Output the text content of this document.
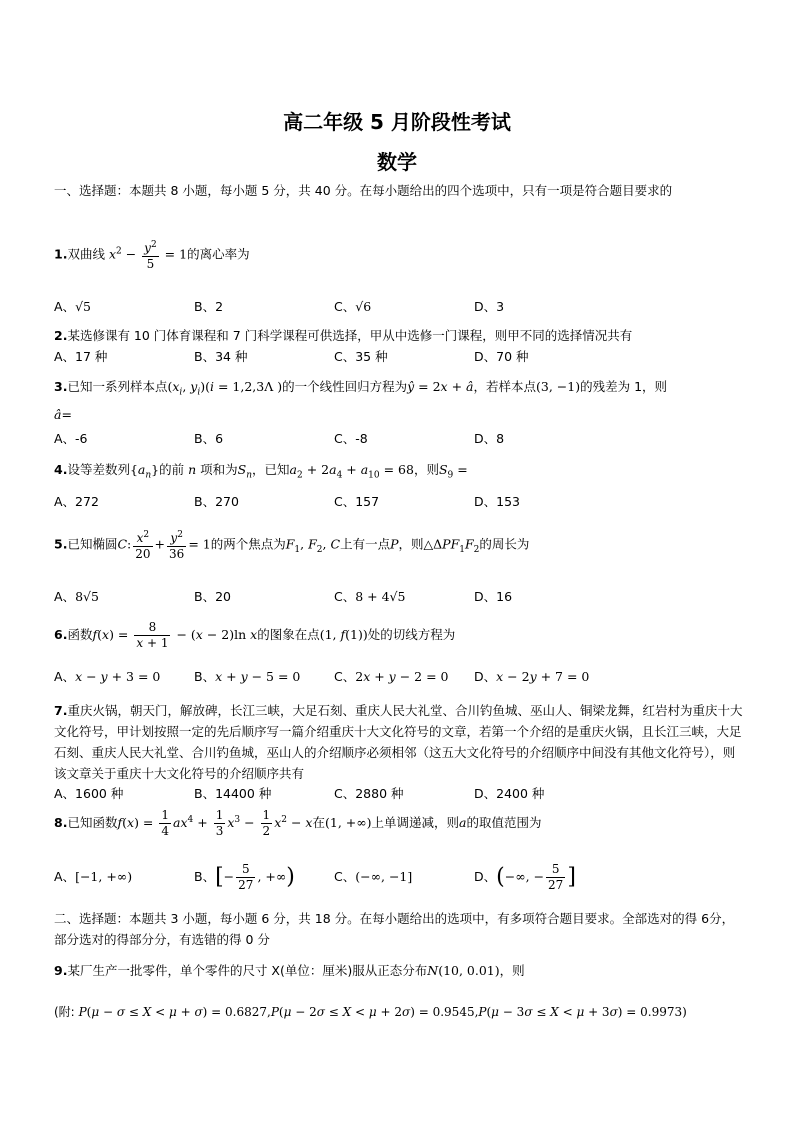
高二年级 5 月阶段性考试
数学
一、选择题：本题共 8 小题，每小题 5 分，共 40 分。在每小题给出的四个选项中，只有一项是符合题目要求的
1.双曲线 $x^2 - \frac{y^2}{5} = 1$的离心率为
A、√5	B、2	C、√6	D、3
2.某选修课有 10 门体育课程和 7 门科学课程可供选择，甲从中选修一门课程，则甲不同的选择情况共有
A、17 种	B、34 种	C、35 种	D、70 种
3.已知一系列样本点($x_i$, $y_i)(i = 1,2,3\Lambda$ )的一个线性回归方程为ŷ = 2x + â，若样本点(3, −1)的残差为 1，则
â=
A、-6	B、6	C、-8	D、8
4.设等差数列$\{a_n\}$的前 n 项和为$S_n$，已知$a_2 + 2a_4 + a_{10} = 68$，则$S_9$ =
A、272	B、270	C、157	D、153
5.已知椭圆C: $\frac{x^2}{20} + \frac{y^2}{36} = 1$的两个焦点为$F_1$, $F_2$, C上有一点P，则$\triangle\Delta PF_1F_2$的周长为
A、8√5	B、20	C、8 + 4√5	D、16
6.函数$f(x) = \frac{8}{x + 1} - (x - 2)\ln$ x的图象在点(1, f(1))处的切线方程为
A、x − y + 3 = 0	B、x + y − 5 = 0	C、2x + y − 2 = 0 D、x − 2y + 7 = 0
7.重庆火锅，朝天门，解放碑，长江三峡，大足石刻、重庆人民大礼堂、合川钓鱼城、巫山人、铜梁龙舞，红岩村为重庆十大文化符号，甲计划按照一定的先后顺序写一篇介绍重庆十大文化符号的文章，若第一个介绍的是重庆火锅，且长江三峡，大足石刻、重庆人民大礼堂、合川钓鱼城，巫山人的介绍顺序必须相邻（这五大文化符号的介绍顺序中间没有其他文化符号），则该文章关于重庆十大文化符号的介绍顺序共有
A、1600 种	B、14400 种	C、2880 种	D、2400 种
8.已知函数$f(x) = \frac{1}{4} ax^4 + \frac{1}{3} x^3 - \frac{1}{2} x^2 - x$在(1, +∞)上单调递减，则a的取值范围为
A、[−1, +∞)	B、[− $\frac{5}{27}$ , +∞)	C、(−∞, −1]	D、(−∞, − $\frac{5}{27}$ ]
二、选择题：本题共 3 小题，每小题 6 分，共 18 分。在每小题给出的选项中，有多项符合题目要求。全部选对的得 6分，部分选对的得部分分，有选错的得 0 分
9.某厂生产一批零件，单个零件的尺寸 X(单位：厘米)服从正态分布N(10, 0.01)，则
(附: P(μ − σ ≤ X < μ + σ) = 0.6827,P(μ − 2σ ≤ X < μ + 2σ) = 0.9545,P(μ − 3σ ≤ X < μ + 3σ) = 0.9973)
